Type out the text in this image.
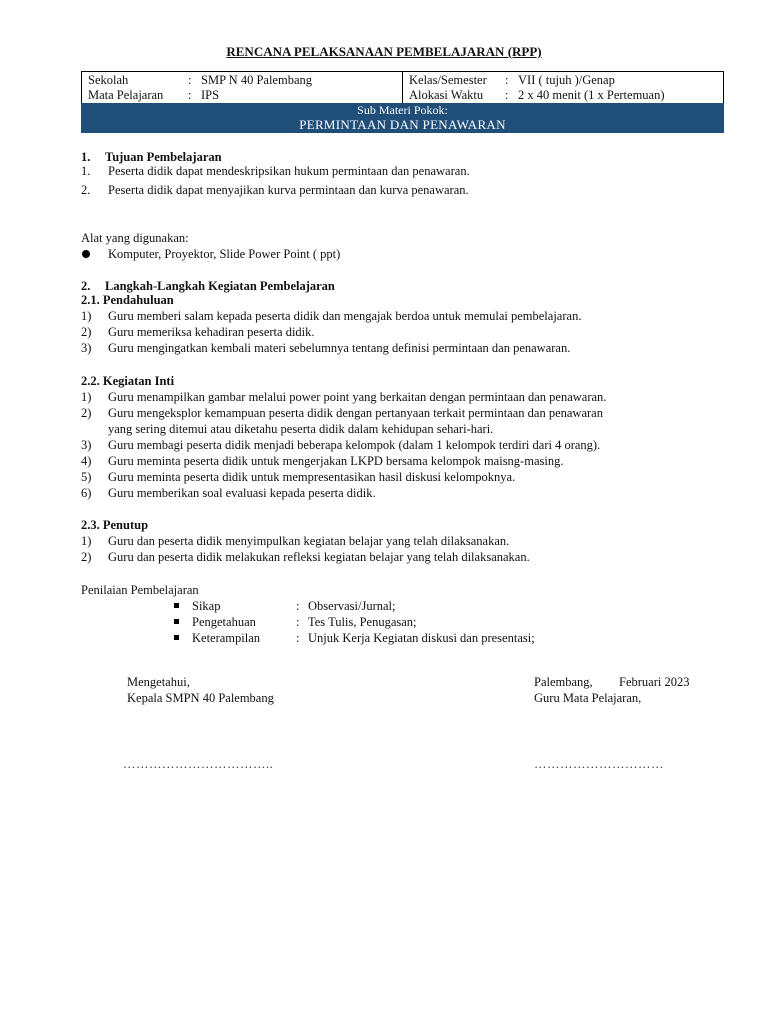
RENCANA PELAKSANAAN PEMBELAJARAN (RPP)
Sekolah	: SMP N 40 Palembang	Kelas/Semester : VII ( tujuh )/Genap
Mata Pelajaran : IPS	Alokasi Waktu : 2 x 40 menit (1 x Pertemuan)
Sub Materi Pokok:
PERMINTAAN DAN PENAWARAN
1. Tujuan Pembelajaran
1. Peserta didik dapat mendeskripsikan hukum permintaan dan penawaran.
2. Peserta didik dapat menyajikan kurva permintaan dan kurva penawaran.
Alat yang digunakan:
Komputer, Proyektor, Slide Power Point ( ppt)
2. Langkah-Langkah Kegiatan Pembelajaran
2.1. Pendahuluan
1) Guru memberi salam kepada peserta didik dan mengajak berdoa untuk memulai pembelajaran.
2) Guru memeriksa kehadiran peserta didik.
3) Guru mengingatkan kembali materi sebelumnya tentang definisi permintaan dan penawaran.
2.2. Kegiatan Inti
1) Guru menampilkan gambar melalui power point yang berkaitan dengan permintaan dan penawaran.
2) Guru mengeksplor kemampuan peserta didik dengan pertanyaan terkait permintaan dan penawaran
yang sering ditemui atau diketahu peserta didik dalam kehidupan sehari-hari.
3) Guru membagi peserta didik menjadi beberapa kelompok (dalam 1 kelompok terdiri dari 4 orang).
4) Guru meminta peserta didik untuk mengerjakan LKPD bersama kelompok maisng-masing.
5) Guru meminta peserta didik untuk mempresentasikan hasil diskusi kelompoknya.
6) Guru memberikan soal evaluasi kepada peserta didik.
2.3. Penutup
1) Guru dan peserta didik menyimpulkan kegiatan belajar yang telah dilaksanakan.
2) Guru dan peserta didik melakukan refleksi kegiatan belajar yang telah dilaksanakan.
Penilaian Pembelajaran
Sikap	: Observasi/Jurnal;
Pengetahuan	: Tes Tulis, Penugasan;
Keterampilan	: Unjuk Kerja Kegiatan diskusi dan presentasi;
Mengetahui,
Kepala SMPN 40 Palembang
Palembang, Februari 2023
Guru Mata Pelajaran,
……………………………..	…………………………
